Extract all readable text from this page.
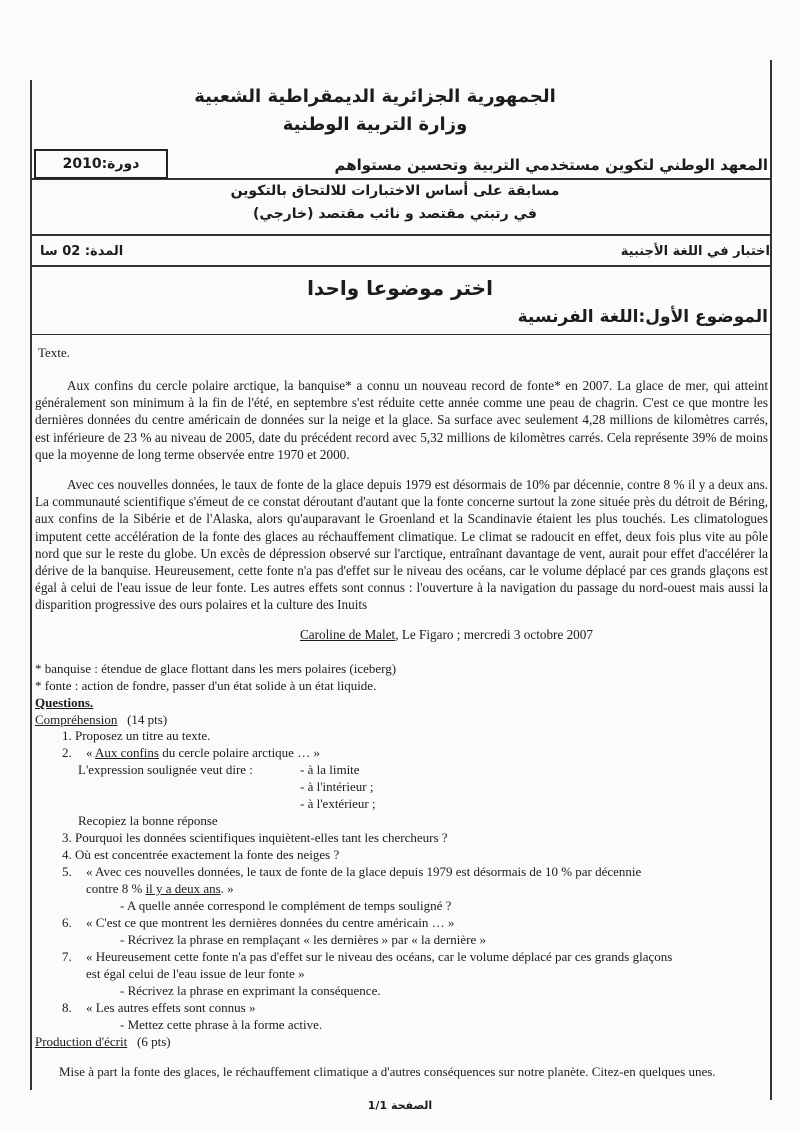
الجمهورية الجزائرية الديمقراطية الشعبية
وزارة التربية الوطنية
دورة:2010	المعهد الوطني لتكوين مستخدمي التربية وتحسين مستواهم
مسابقة على أساس الاختبارات للالتحاق بالتكوين
في رتبتي مقتصد و نائب مقتصد (خارجي)
المدة: 02 سا	اختبار في اللغة الأجنبية
اختر موضوعا واحدا
الموضوع الأول:اللغة الفرنسية
Texte.
Aux confins du cercle polaire arctique, la banquise* a connu un nouveau record de fonte* en 2007. La glace de mer, qui atteint généralement son minimum à la fin de l'été, en septembre s'est réduite cette année comme une peau de chagrin. C'est ce que montre les dernières données du centre américain de données sur la neige et la glace. Sa surface avec seulement 4,28 millions de kilomètres carrés, est inférieure de 23 % au niveau de 2005, date du précédent record avec 5,32 millions de kilomètres carrés. Cela représente 39% de moins que la moyenne de long terme observée entre 1970 et 2000.
Avec ces nouvelles données, le taux de fonte de la glace depuis 1979 est désormais de 10% par décennie, contre 8 % il y a deux ans. La communauté scientifique s'émeut de ce constat déroutant d'autant que la fonte concerne surtout la zone située près du détroit de Béring, aux confins de la Sibérie et de l'Alaska, alors qu'auparavant le Groenland et la Scandinavie étaient les plus touchés. Les climatologues imputent cette accélération de la fonte des glaces au réchauffement climatique. Le climat se radoucit en effet, deux fois plus vite au pôle nord que sur le reste du globe. Un excès de dépression observé sur l'arctique, entraînant davantage de vent, aurait pour effet d'accélérer la dérive de la banquise. Heureusement, cette fonte n'a pas d'effet sur le niveau des océans, car le volume déplacé par ces grands glaçons est égal à celui de l'eau issue de leur fonte. Les autres effets sont connus : l'ouverture à la navigation du passage du nord-ouest mais aussi la disparition progressive des ours polaires et la culture des Inuits
Caroline de Malet, Le Figaro ; mercredi 3 octobre 2007
* banquise : étendue de glace flottant dans les mers polaires (iceberg)
* fonte : action de fondre, passer d'un état solide à un état liquide.
Questions.
Compréhension (14 pts)
1. Proposez un titre au texte.
2. « Aux confins du cercle polaire arctique … »
L'expression soulignée veut dire :	- à la limite
- à l'intérieur ;
- à l'extérieur ;
Recopiez la bonne réponse
3. Pourquoi les données scientifiques inquiètent-elles tant les chercheurs ?
4. Où est concentrée exactement la fonte des neiges ?
5. « Avec ces nouvelles données, le taux de fonte de la glace depuis 1979 est désormais de 10 % par décennie
contre 8 % il y a deux ans. »
- A quelle année correspond le complément de temps souligné ?
6. « C'est ce que montrent les dernières données du centre américain … »
- Récrivez la phrase en remplaçant « les dernières » par « la dernière »
7. « Heureusement cette fonte n'a pas d'effet sur le niveau des océans, car le volume déplacé par ces grands glaçons
est égal celui de l'eau issue de leur fonte »
- Récrivez la phrase en exprimant la conséquence.
8. « Les autres effets sont connus »
- Mettez cette phrase à la forme active.
Production d'écrit (6 pts)
Mise à part la fonte des glaces, le réchauffement climatique a d'autres conséquences sur notre planète. Citez-en quelques unes.
الصفحة 1/1
